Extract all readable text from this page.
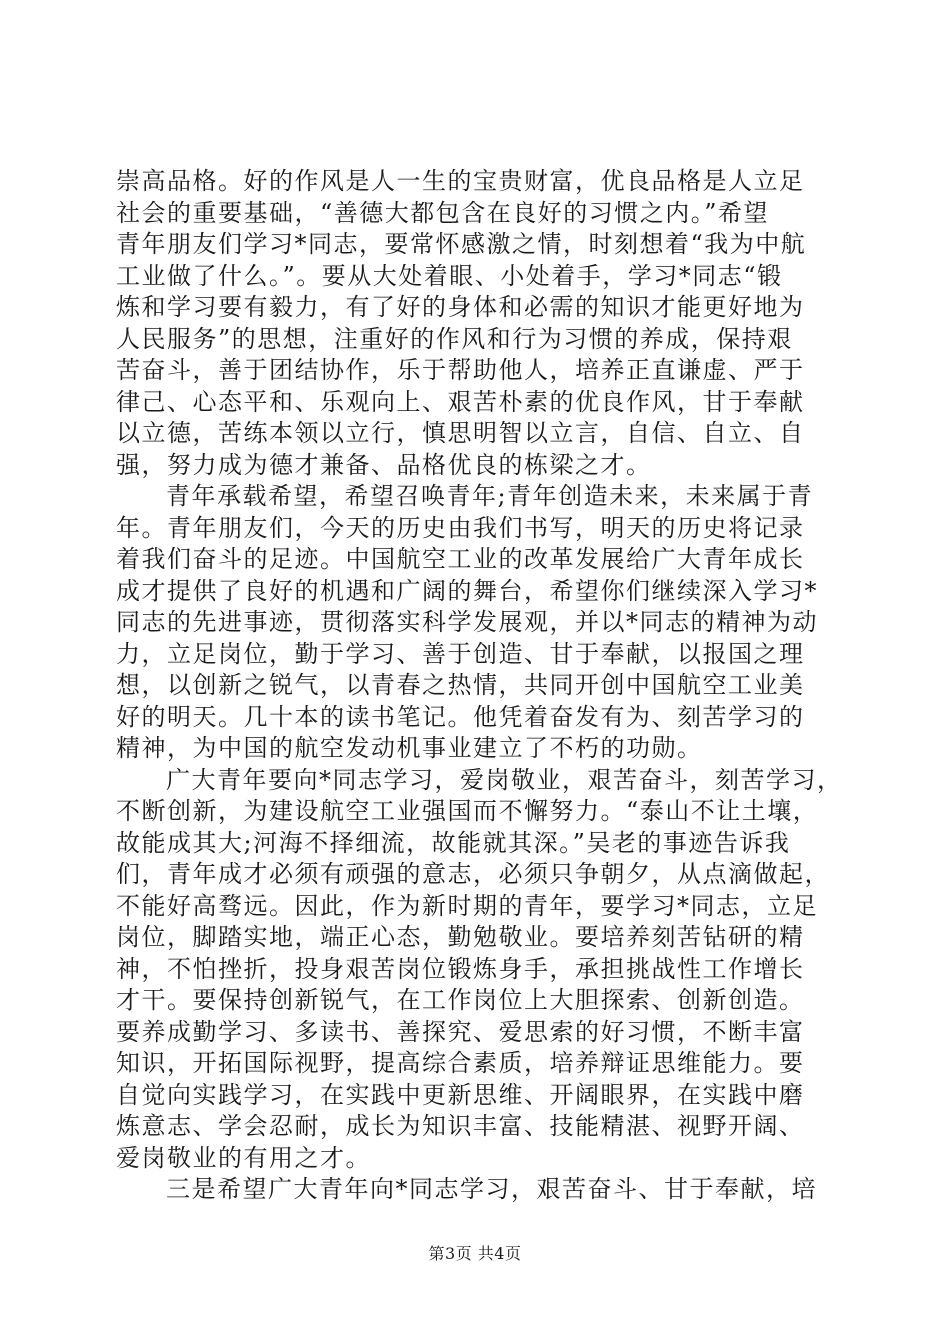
崇高品格。好的作风是人一生的宝贵财富，优良品格是人立足
社会的重要基础，“善德大都包含在良好的习惯之内。”希望
青年朋友们学习*同志，要常怀感激之情，时刻想着“我为中航
工业做了什么。”。要从大处着眼、小处着手，学习*同志“锻
炼和学习要有毅力，有了好的身体和必需的知识才能更好地为
人民服务”的思想，注重好的作风和行为习惯的养成，保持艰
苦奋斗，善于团结协作，乐于帮助他人，培养正直谦虚、严于
律己、心态平和、乐观向上、艰苦朴素的优良作风，甘于奉献
以立德，苦练本领以立行，慎思明智以立言，自信、自立、自
强，努力成为德才兼备、品格优良的栋梁之才。
青年承载希望，希望召唤青年;青年创造未来，未来属于青
年。青年朋友们，今天的历史由我们书写，明天的历史将记录
着我们奋斗的足迹。中国航空工业的改革发展给广大青年成长
成才提供了良好的机遇和广阔的舞台，希望你们继续深入学习*
同志的先进事迹，贯彻落实科学发展观，并以*同志的精神为动
力，立足岗位，勤于学习、善于创造、甘于奉献，以报国之理
想，以创新之锐气，以青春之热情，共同开创中国航空工业美
好的明天。几十本的读书笔记。他凭着奋发有为、刻苦学习的
精神，为中国的航空发动机事业建立了不朽的功勋。
广大青年要向*同志学习，爱岗敬业，艰苦奋斗，刻苦学习，
不断创新，为建设航空工业强国而不懈努力。“泰山不让土壤，
故能成其大;河海不择细流，故能就其深。”吴老的事迹告诉我
们，青年成才必须有顽强的意志，必须只争朝夕，从点滴做起，
不能好高骛远。因此，作为新时期的青年，要学习*同志，立足
岗位，脚踏实地，端正心态，勤勉敬业。要培养刻苦钻研的精
神，不怕挫折，投身艰苦岗位锻炼身手，承担挑战性工作增长
才干。要保持创新锐气，在工作岗位上大胆探索、创新创造。
要养成勤学习、多读书、善探究、爱思索的好习惯，不断丰富
知识，开拓国际视野，提高综合素质，培养辩证思维能力。要
自觉向实践学习，在实践中更新思维、开阔眼界，在实践中磨
炼意志、学会忍耐，成长为知识丰富、技能精湛、视野开阔、
爱岗敬业的有用之才。
三是希望广大青年向*同志学习，艰苦奋斗、甘于奉献，培
第3页 共4页
